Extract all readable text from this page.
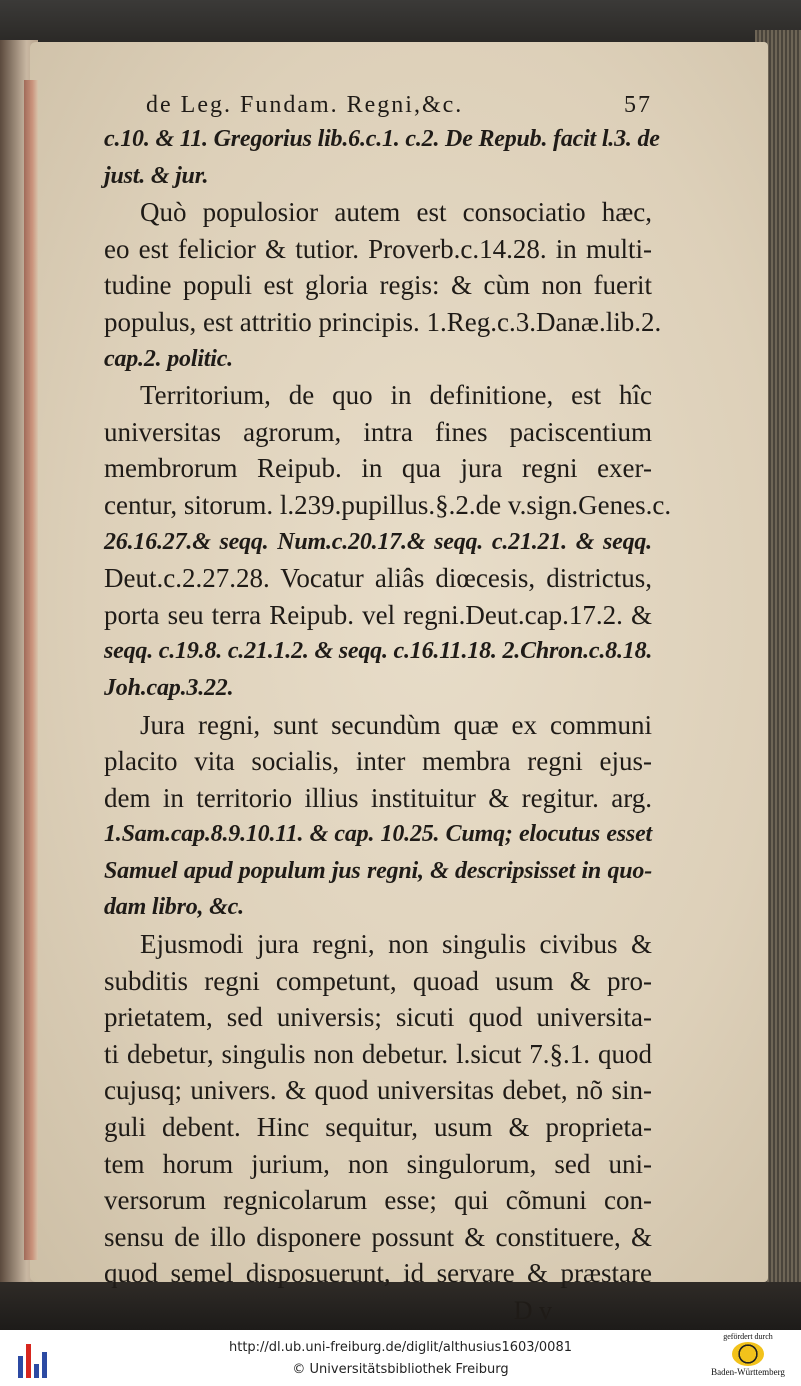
de Leg. Fundam. Regni,&c.	57
c.10. & 11. Gregorius lib.6.c.1. c.2. De Repub. facit l.3. de
just. & jur.
Quò populosior autem est consociatio hæc,
eo est felicior & tutior. Proverb.c.14.28. in multi-
tudine populi est gloria regis: & cùm non fuerit
populus, est attritio principis. 1.Reg.c.3.Danæ.lib.2.
cap.2. politic.
Territorium, de quo in definitione, est hîc
universitas agrorum, intra fines paciscentium
membrorum Reipub. in qua jura regni exer-
centur, sitorum. l.239.pupillus.§.2.de v.sign.Genes.c.
26.16.27.& seqq. Num.c.20.17.& seqq. c.21.21. & seqq.
Deut.c.2.27.28. Vocatur aliâs diœcesis, districtus,
porta seu terra Reipub. vel regni.Deut.cap.17.2. &
seqq. c.19.8. c.21.1.2. & seqq. c.16.11.18. 2.Chron.c.8.18.
Joh.cap.3.22.
Jura regni, sunt secundùm quæ ex communi
placito vita socialis, inter membra regni ejus-
dem in territorio illius instituitur & regitur. arg.
1.Sam.cap.8.9.10.11. & cap. 10.25. Cumq; elocutus esset
Samuel apud populum jus regni, & descripsisset in quo-
dam libro, &c.
Ejusmodi jura regni, non singulis civibus &
subditis regni competunt, quoad usum & pro-
prietatem, sed universis; sicuti quod universita-
ti debetur, singulis non debetur. l.sicut 7.§.1. quod
cujusq; univers. & quod universitas debet, nõ sin-
guli debent. Hinc sequitur, usum & proprieta-
tem horum jurium, non singulorum, sed uni-
versorum regnicolarum esse; qui cõmuni con-
sensu de illo disponere possunt & constituere, &
quod semel disposuerunt, id servare & præstare
D v
http://dl.ub.uni-freiburg.de/diglit/althusius1603/0081
© Universitätsbibliothek Freiburg
gefördert durch
Baden-Württemberg
